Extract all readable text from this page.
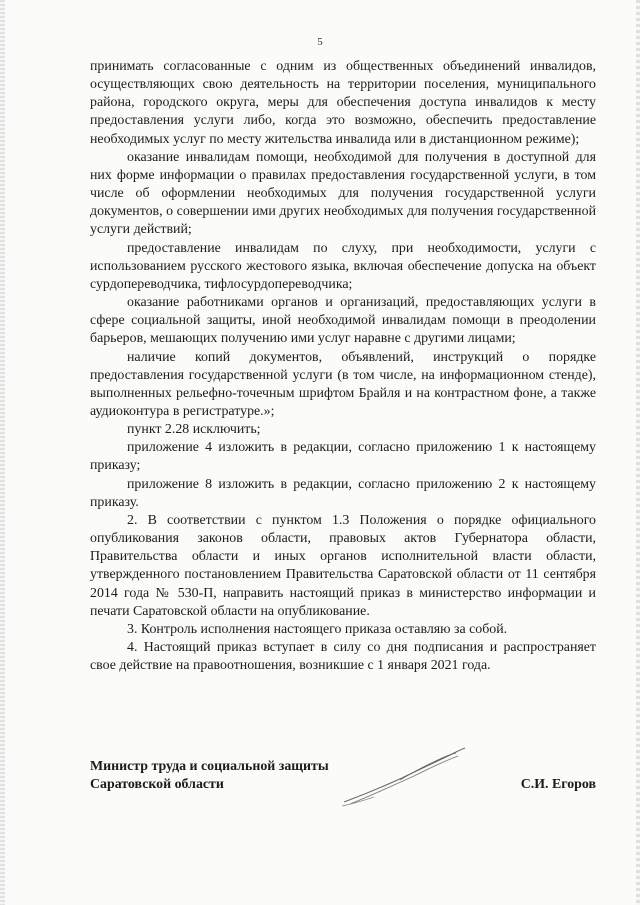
5

принимать согласованные с одним из общественных объединений инвалидов, осуществляющих свою деятельность на территории поселения, муниципального района, городского округа, меры для обеспечения доступа инвалидов к месту предоставления услуги либо, когда это возможно, обеспечить предоставление необходимых услуг по месту жительства инвалида или в дистанционном режиме);

оказание инвалидам помощи, необходимой для получения в доступной для них форме информации о правилах предоставления государственной услуги, в том числе об оформлении необходимых для получения государственной услуги документов, о совершении ими других необходимых для получения государственной услуги действий;

предоставление инвалидам по слуху, при необходимости, услуги с использованием русского жестового языка, включая обеспечение допуска на объект сурдопереводчика, тифлосурдопереводчика;

оказание работниками органов и организаций, предоставляющих услуги в сфере социальной защиты, иной необходимой инвалидам помощи в преодолении барьеров, мешающих получению ими услуг наравне с другими лицами;

наличие копий документов, объявлений, инструкций о порядке предоставления государственной услуги (в том числе, на информационном стенде), выполненных рельефно-точечным шрифтом Брайля и на контрастном фоне, а также аудиоконтура в регистратуре.»;

пункт 2.28 исключить;

приложение 4 изложить в редакции, согласно приложению 1 к настоящему приказу;

приложение 8 изложить в редакции, согласно приложению 2 к настоящему приказу.

2. В соответствии с пунктом 1.3 Положения о порядке официального опубликования законов области, правовых актов Губернатора области, Правительства области и иных органов исполнительной власти области, утвержденного постановлением Правительства Саратовской области от 11 сентября 2014 года № 530-П, направить настоящий приказ в министерство информации и печати Саратовской области на опубликование.

3. Контроль исполнения настоящего приказа оставляю за собой.

4. Настоящий приказ вступает в силу со дня подписания и распространяет свое действие на правоотношения, возникшие с 1 января 2021 года.

Министр труда и социальной защиты
Саратовской области	С.И. Егоров
